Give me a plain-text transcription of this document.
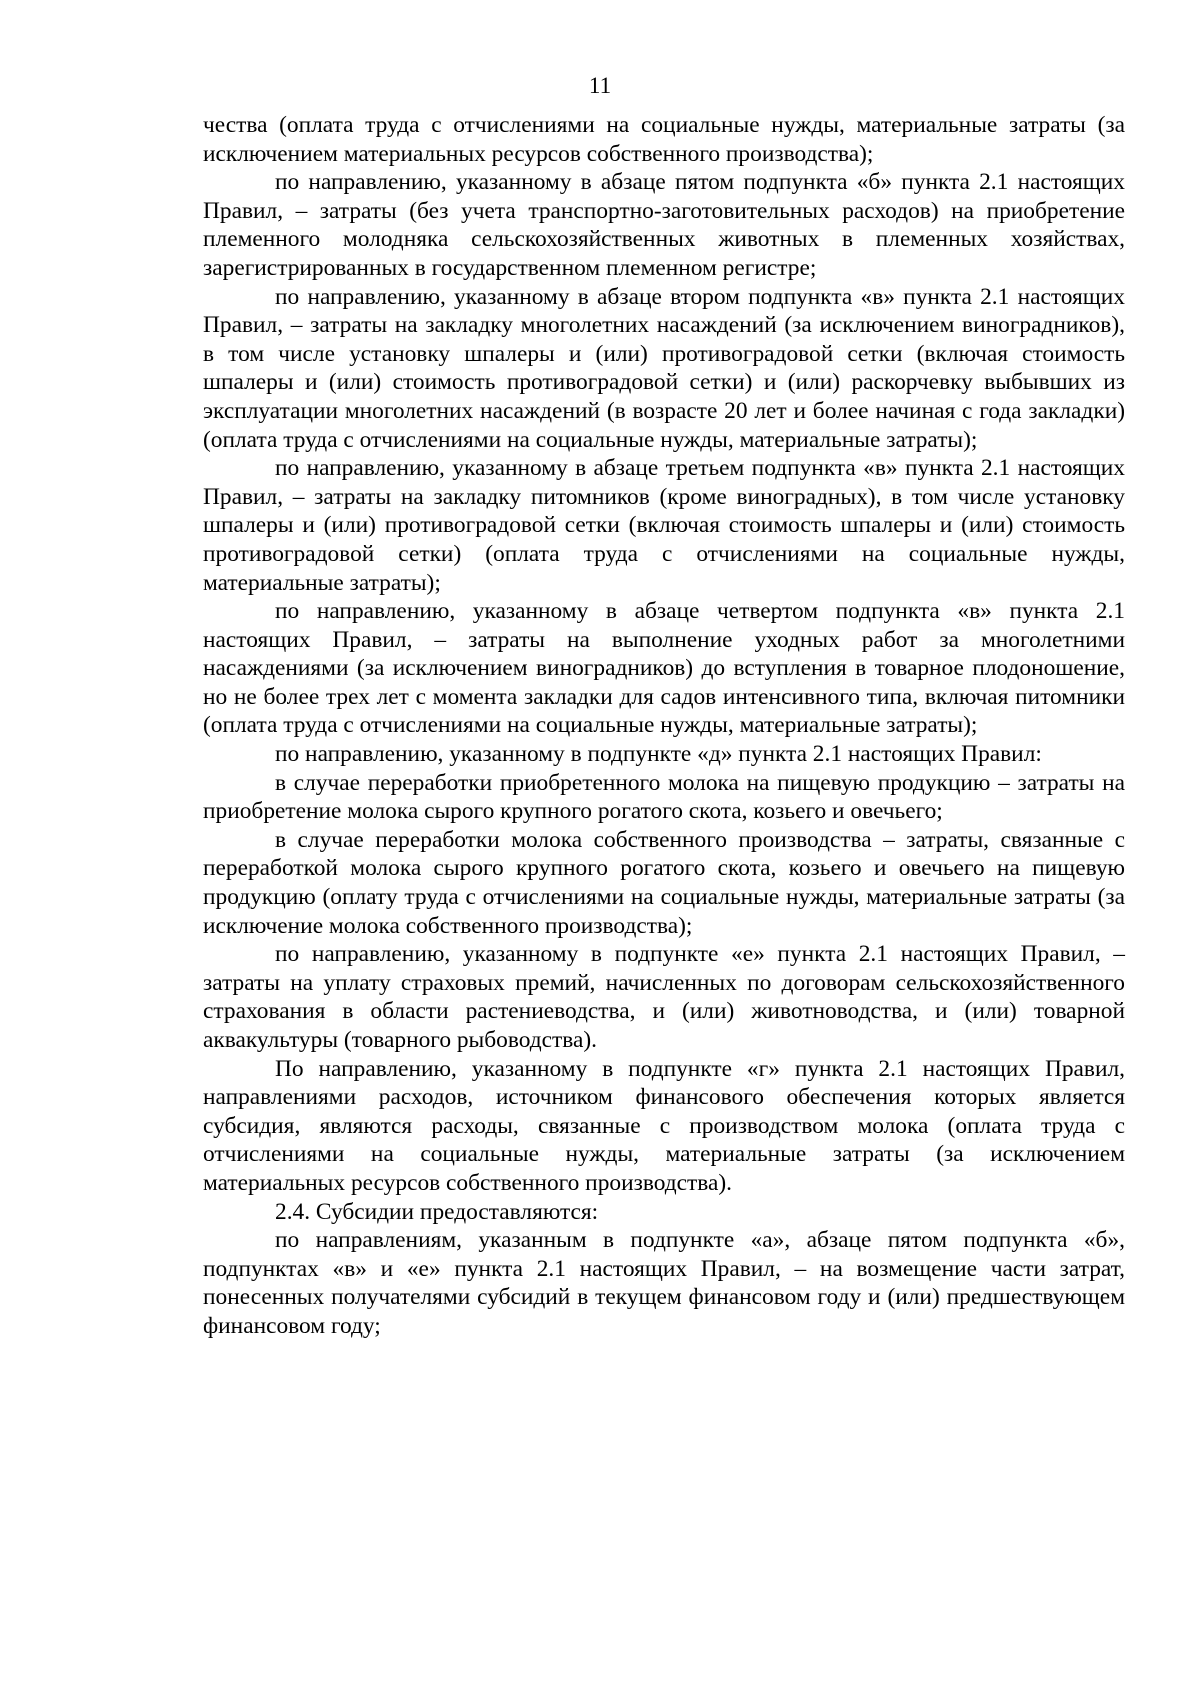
11

чества (оплата труда с отчислениями на социальные нужды, материальные затраты (за исключением материальных ресурсов собственного производства);

по направлению, указанному в абзаце пятом подпункта «б» пункта 2.1 настоящих Правил, – затраты (без учета транспортно-заготовительных расходов) на приобретение племенного молодняка сельскохозяйственных животных в племенных хозяйствах, зарегистрированных в государственном племенном регистре;

по направлению, указанному в абзаце втором подпункта «в» пункта 2.1 настоящих Правил, – затраты на закладку многолетних насаждений (за исключением виноградников), в том числе установку шпалеры и (или) противоградовой сетки (включая стоимость шпалеры и (или) стоимость противоградовой сетки) и (или) раскорчевку выбывших из эксплуатации многолетних насаждений (в возрасте 20 лет и более начиная с года закладки) (оплата труда с отчислениями на социальные нужды, материальные затраты);

по направлению, указанному в абзаце третьем подпункта «в» пункта 2.1 настоящих Правил, – затраты на закладку питомников (кроме виноградных), в том числе установку шпалеры и (или) противоградовой сетки (включая стоимость шпалеры и (или) стоимость противоградовой сетки) (оплата труда с отчислениями на социальные нужды, материальные затраты);

по направлению, указанному в абзаце четвертом подпункта «в» пункта 2.1 настоящих Правил, – затраты на выполнение уходных работ за многолетними насаждениями (за исключением виноградников) до вступления в товарное плодоношение, но не более трех лет с момента закладки для садов интенсивного типа, включая питомники (оплата труда с отчислениями на социальные нужды, материальные затраты);

по направлению, указанному в подпункте «д» пункта 2.1 настоящих Правил:

в случае переработки приобретенного молока на пищевую продукцию – затраты на приобретение молока сырого крупного рогатого скота, козьего и овечьего;

в случае переработки молока собственного производства – затраты, связанные с переработкой молока сырого крупного рогатого скота, козьего и овечьего на пищевую продукцию (оплату труда с отчислениями на социальные нужды, материальные затраты (за исключение молока собственного производства);

по направлению, указанному в подпункте «е» пункта 2.1 настоящих Правил, – затраты на уплату страховых премий, начисленных по договорам сельскохозяйственного страхования в области растениеводства, и (или) животноводства, и (или) товарной аквакультуры (товарного рыбоводства).

По направлению, указанному в подпункте «г» пункта 2.1 настоящих Правил, направлениями расходов, источником финансового обеспечения которых является субсидия, являются расходы, связанные с производством молока (оплата труда с отчислениями на социальные нужды, материальные затраты (за исключением материальных ресурсов собственного производства).

2.4. Субсидии предоставляются:

по направлениям, указанным в подпункте «а», абзаце пятом подпункта «б», подпунктах «в» и «е» пункта 2.1 настоящих Правил, – на возмещение части затрат, понесенных получателями субсидий в текущем финансовом году и (или) предшествующем финансовом году;
